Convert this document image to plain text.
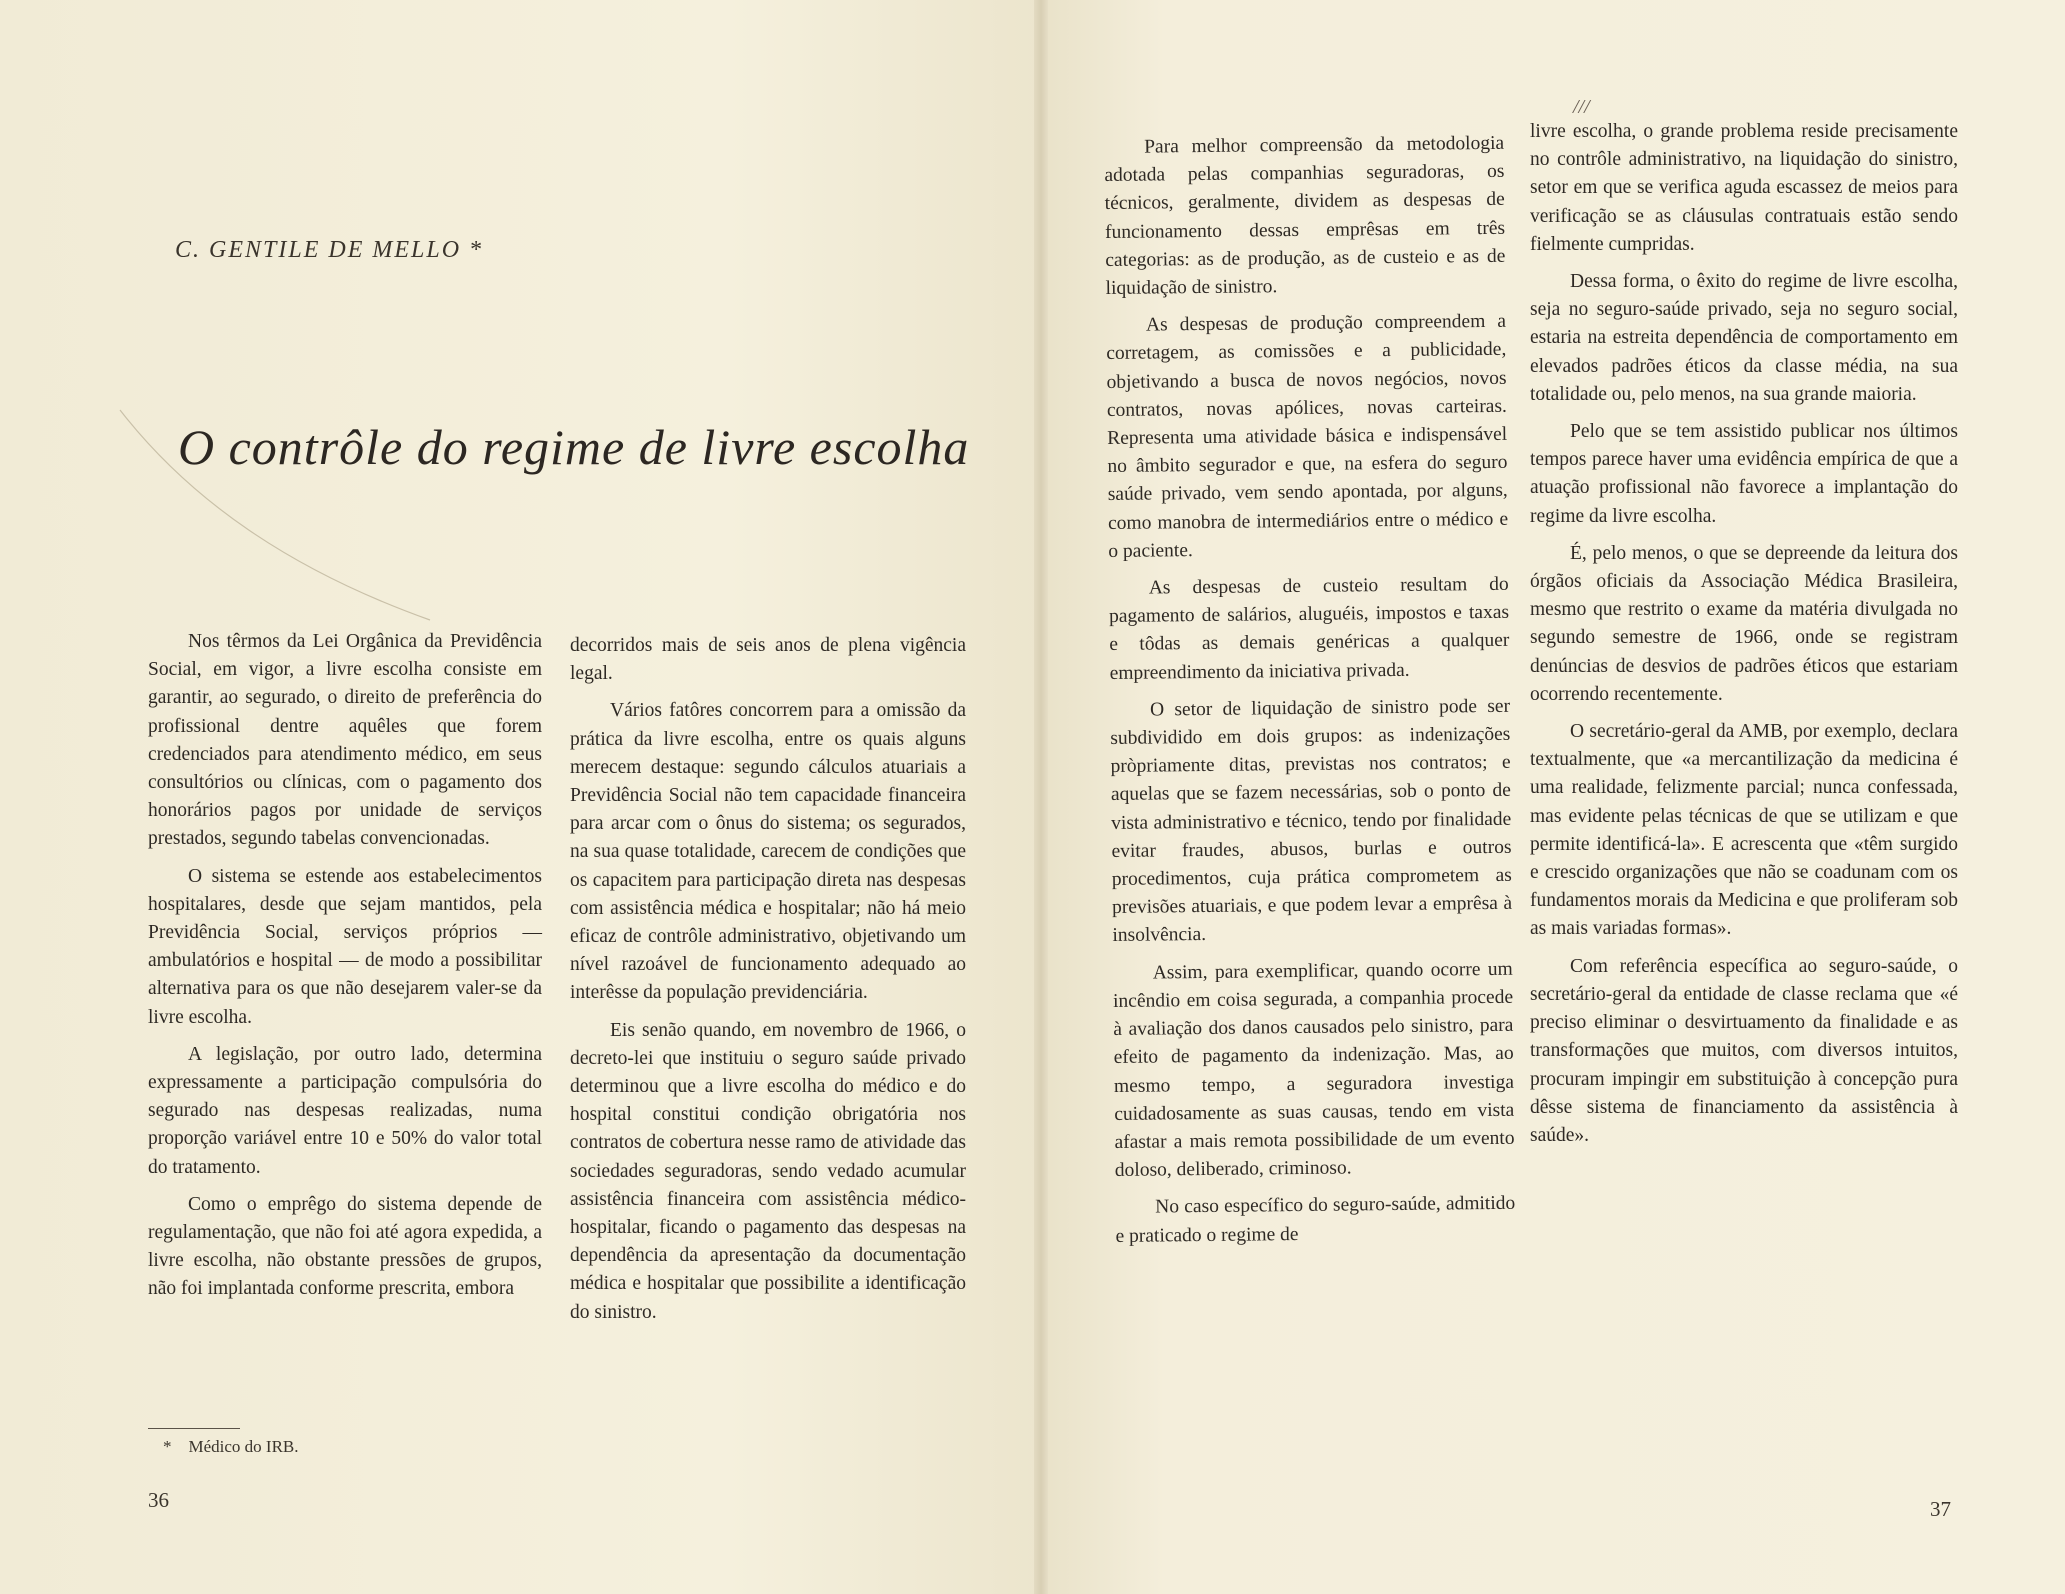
C. GENTILE DE MELLO *
O contrôle do regime de livre escolha

Nos têrmos da Lei Orgânica da Previdência Social, em vigor, a livre escolha consiste em garantir, ao segurado, o direito de preferência do profissional dentre aquêles que forem credenciados para atendimento médico, em seus consultórios ou clínicas, com o pagamento dos honorários pagos por unidade de serviços prestados, segundo tabelas convencionadas.

O sistema se estende aos estabelecimentos hospitalares, desde que sejam mantidos, pela Previdência Social, serviços próprios — ambulatórios e hospital — de modo a possibilitar alternativa para os que não desejarem valer-se da livre escolha.

A legislação, por outro lado, determina expressamente a participação compulsória do segurado nas despesas realizadas, numa proporção variável entre 10 e 50% do valor total do tratamento.

Como o emprêgo do sistema depende de regulamentação, que não foi até agora expedida, a livre escolha, não obstante pressões de grupos, não foi implantada conforme prescrita, embora

decorridos mais de seis anos de plena vigência legal.

Vários fatôres concorrem para a omissão da prática da livre escolha, entre os quais alguns merecem destaque: segundo cálculos atuariais a Previdência Social não tem capacidade financeira para arcar com o ônus do sistema; os segurados, na sua quase totalidade, carecem de condições que os capacitem para participação direta nas despesas com assistência médica e hospitalar; não há meio eficaz de contrôle administrativo, objetivando um nível razoável de funcionamento adequado ao interêsse da população previdenciária.

Eis senão quando, em novembro de 1966, o decreto-lei que instituiu o seguro saúde privado determinou que a livre escolha do médico e do hospital constitui condição obrigatória nos contratos de cobertura nesse ramo de atividade das sociedades seguradoras, sendo vedado acumular assistência financeira com assistência médico-hospitalar, ficando o pagamento das despesas na dependência da apresentação da documentação médica e hospitalar que possibilite a identificação do sinistro.

* Médico do IRB.
36
///

Para melhor compreensão da metodologia adotada pelas companhias seguradoras, os técnicos, geralmente, dividem as despesas de funcionamento dessas emprêsas em três categorias: as de produção, as de custeio e as de liquidação de sinistro.

As despesas de produção compreendem a corretagem, as comissões e a publicidade, objetivando a busca de novos negócios, novos contratos, novas apólices, novas carteiras. Representa uma atividade básica e indispensável no âmbito segurador e que, na esfera do seguro saúde privado, vem sendo apontada, por alguns, como manobra de intermediários entre o médico e o paciente.

As despesas de custeio resultam do pagamento de salários, aluguéis, impostos e taxas e tôdas as demais genéricas a qualquer empreendimento da iniciativa privada.

O setor de liquidação de sinistro pode ser subdividido em dois grupos: as indenizações pròpriamente ditas, previstas nos contratos; e aquelas que se fazem necessárias, sob o ponto de vista administrativo e técnico, tendo por finalidade evitar fraudes, abusos, burlas e outros procedimentos, cuja prática comprometem as previsões atuariais, e que podem levar a emprêsa à insolvência.

Assim, para exemplificar, quando ocorre um incêndio em coisa segurada, a companhia procede à avaliação dos danos causados pelo sinistro, para efeito de pagamento da indenização. Mas, ao mesmo tempo, a seguradora investiga cuidadosamente as suas causas, tendo em vista afastar a mais remota possibilidade de um evento doloso, deliberado, criminoso.

No caso específico do seguro-saúde, admitido e praticado o regime de

livre escolha, o grande problema reside precisamente no contrôle administrativo, na liquidação do sinistro, setor em que se verifica aguda escassez de meios para verificação se as cláusulas contratuais estão sendo fielmente cumpridas.

Dessa forma, o êxito do regime de livre escolha, seja no seguro-saúde privado, seja no seguro social, estaria na estreita dependência de comportamento em elevados padrões éticos da classe média, na sua totalidade ou, pelo menos, na sua grande maioria.

Pelo que se tem assistido publicar nos últimos tempos parece haver uma evidência empírica de que a atuação profissional não favorece a implantação do regime da livre escolha.

É, pelo menos, o que se depreende da leitura dos órgãos oficiais da Associação Médica Brasileira, mesmo que restrito o exame da matéria divulgada no segundo semestre de 1966, onde se registram denúncias de desvios de padrões éticos que estariam ocorrendo recentemente.

O secretário-geral da AMB, por exemplo, declara textualmente, que «a mercantilização da medicina é uma realidade, felizmente parcial; nunca confessada, mas evidente pelas técnicas de que se utilizam e que permite identificá-la». E acrescenta que «têm surgido e crescido organizações que não se coadunam com os fundamentos morais da Medicina e que proliferam sob as mais variadas formas».

Com referência específica ao seguro-saúde, o secretário-geral da entidade de classe reclama que «é preciso eliminar o desvirtuamento da finalidade e as transformações que muitos, com diversos intuitos, procuram impingir em substituição à concepção pura dêsse sistema de financiamento da assistência à saúde».

37
